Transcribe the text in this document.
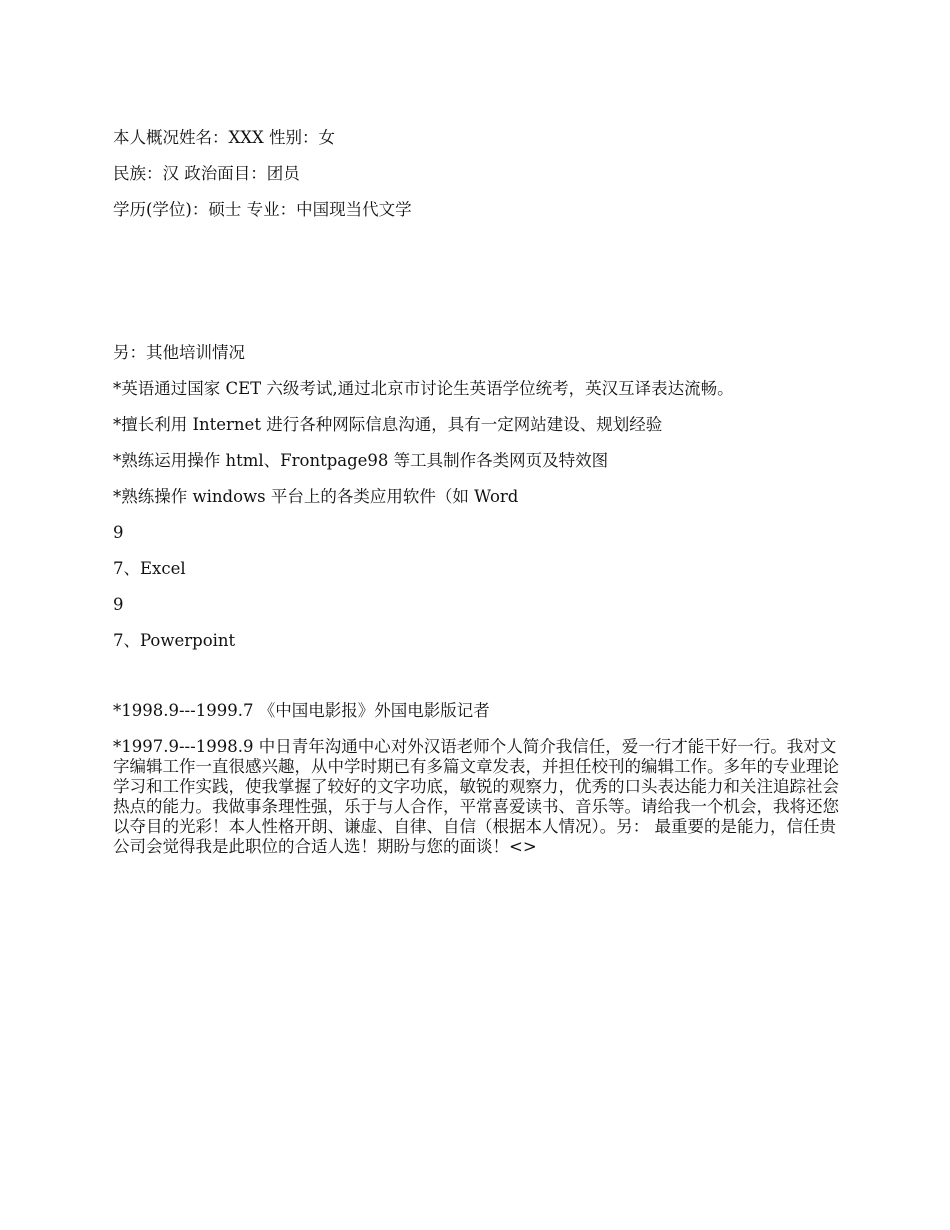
本人概况姓名：XXX 性别：女
民族：汉 政治面目：团员
学历(学位)：硕士 专业：中国现当代文学
另：其他培训情况
*英语通过国家 CET 六级考试,通过北京市讨论生英语学位统考，英汉互译表达流畅。
*擅长利用 Internet 进行各种网际信息沟通，具有一定网站建设、规划经验
*熟练运用操作 html、Frontpage98 等工具制作各类网页及特效图
*熟练操作 windows 平台上的各类应用软件（如 Word
9
7、Excel
9
7、Powerpoint
*1998.9---1999.7 《中国电影报》外国电影版记者
*1997.9---1998.9 中日青年沟通中心对外汉语老师个人简介我信任，爱一行才能干好一行。我对文字编辑工作一直很感兴趣，从中学时期已有多篇文章发表，并担任校刊的编辑工作。多年的专业理论学习和工作实践，使我掌握了较好的文字功底，敏锐的观察力，优秀的口头表达能力和关注追踪社会热点的能力。我做事条理性强，乐于与人合作，平常喜爱读书、音乐等。请给我一个机会，我将还您以夺目的光彩！本人性格开朗、谦虚、自律、自信（根据本人情况）。另： 最重要的是能力，信任贵公司会觉得我是此职位的合适人选！期盼与您的面谈！<>
